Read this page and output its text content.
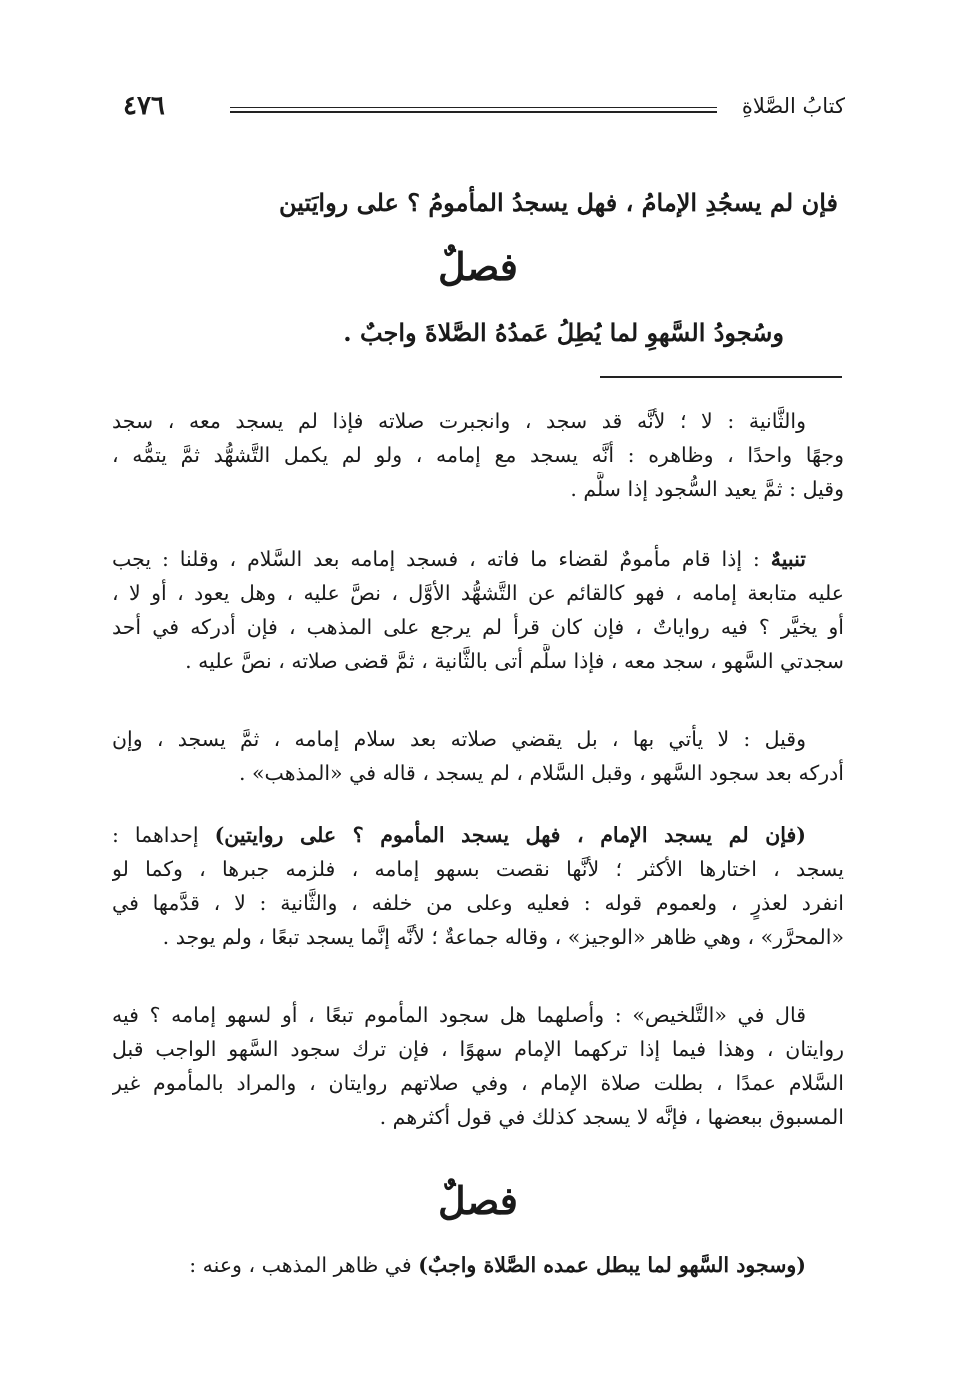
كتابُ الصَّلاةِ
٤٧٦
فإن لم يسجُدِ الإمامُ ، فهل يسجدُ المأمومُ ؟ على روايَتين
فصلٌ
وسُجودُ السَّهوِ لما يُطِلُ عَمدُهُ الصَّلاةَ واجبٌ .
والثَّانية : لا ؛ لأنَّه قد سجد ، وانجبرت صلاته فإذا لم يسجد معه ، سجد
وجهًا واحدًا ، وظاهره : أنَّه يسجد مع إمامه ، ولو لم يكمل التَّشهُّد ثمَّ يتمُّه ،
وقيل : ثمَّ يعيد السُّجود إذا سلَّم .
تنبيهٌ : إذا قام مأمومٌ لقضاء ما فاته ، فسجد إمامه بعد السَّلام ، وقلنا : يجب
عليه متابعة إمامه ، فهو كالقائم عن التَّشهُّد الأوَّل ، نصَّ عليه ، وهل يعود ، أو لا ،
أو يخيَّر ؟ فيه رواياتٌ ، فإن كان قرأ لم يرجع على المذهب ، فإن أدركه في أحد
سجدتي السَّهو ، سجد معه ، فإذا سلَّم أتى بالثَّانية ، ثمَّ قضى صلاته ، نصَّ عليه .
وقيل : لا يأتي بها ، بل يقضي صلاته بعد سلام إمامه ، ثمَّ يسجد ، وإن
أدركه بعد سجود السَّهو ، وقبل السَّلام ، لم يسجد ، قاله في «المذهب» .
(فإن لم يسجد الإمام ، فهل يسجد المأموم ؟ على روايتين) إحداهما :
يسجد ، اختارها الأكثر ؛ لأنَّها نقصت بسهو إمامه ، فلزمه جبرها ، وكما لو
انفرد لعذرٍ ، ولعموم قوله : فعليه وعلى من خلفه ، والثَّانية : لا ، قدَّمها في
«المحرَّر» ، وهي ظاهر «الوجيز» ، وقاله جماعةٌ ؛ لأنَّه إنَّما يسجد تبعًا ، ولم يوجد .
قال في «التَّلخيص» : وأصلهما هل سجود المأموم تبعًا ، أو لسهو إمامه ؟ فيه
روايتان ، وهذا فيما إذا تركهما الإمام سهوًا ، فإن ترك سجود السَّهو الواجب قبل
السَّلام عمدًا ، بطلت صلاة الإمام ، وفي صلاتهم روايتان ، والمراد بالمأموم غير
المسبوق ببعضها ، فإنَّه لا يسجد كذلك في قول أكثرهم .
فصلٌ
(وسجود السَّهو لما يبطل عمده الصَّلاة واجبٌ) في ظاهر المذهب ، وعنه :
